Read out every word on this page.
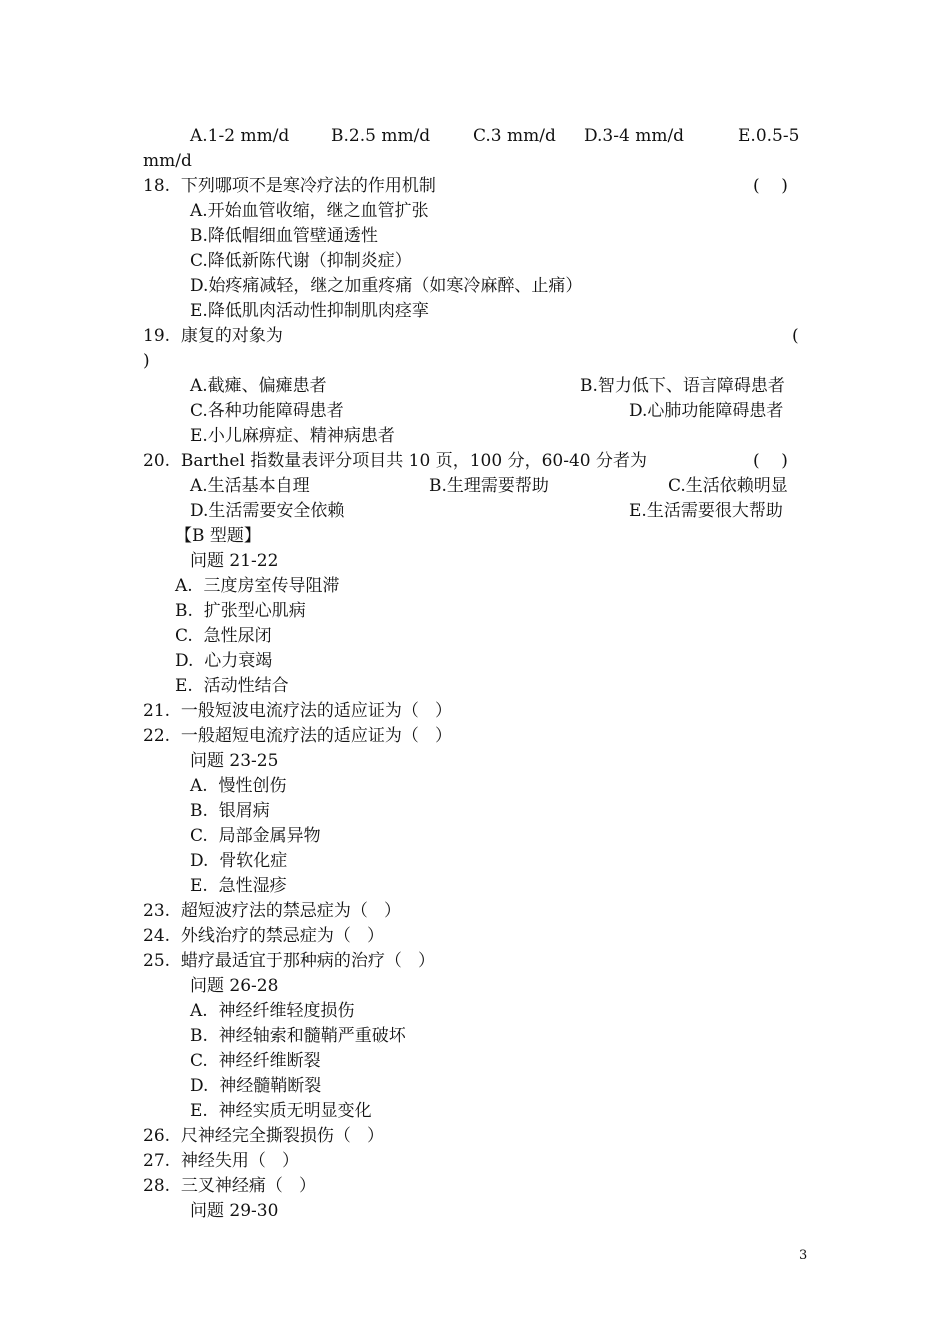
A.1-2 mm/d B.2.5 mm/d	C.3 mm/d D.3-4 mm/d	E.0.5-5
mm/d
18.  下列哪项不是寒冷疗法的作用机制	(    )
A.开始血管收缩，继之血管扩张
B.降低帽细血管壁通透性
C.降低新陈代谢（抑制炎症）
D.始疼痛减轻，继之加重疼痛（如寒冷麻醉、止痛）
E.降低肌肉活动性抑制肌肉痉挛
19.  康复的对象为	(
)
A.截瘫、偏瘫患者	B.智力低下、语言障碍患者
C.各种功能障碍患者	D.心肺功能障碍患者
E.小儿麻痹症、精神病患者
20.  Barthel 指数量表评分项目共 10 页，100 分，60-40 分者为	(    )
A.生活基本自理	B.生理需要帮助	C.生活依赖明显
D.生活需要安全依赖	E.生活需要很大帮助
【B 型题】
问题 21-22
A.  三度房室传导阻滞
B.  扩张型心肌病
C.  急性尿闭
D.  心力衰竭
E.  活动性结合
21.  一般短波电流疗法的适应证为（   ）
22.  一般超短电流疗法的适应证为（   ）
问题 23-25
A.  慢性创伤
B.  银屑病
C.  局部金属异物
D.  骨软化症
E.  急性湿疹
23.  超短波疗法的禁忌症为（   ）
24.  外线治疗的禁忌症为（   ）
25.  蜡疗最适宜于那种病的治疗（   ）
问题 26-28
A.  神经纤维轻度损伤
B.  神经轴索和髓鞘严重破坏
C.  神经纤维断裂
D.  神经髓鞘断裂
E.  神经实质无明显变化
26.  尺神经完全撕裂损伤（   ）
27.  神经失用（   ）
28.  三叉神经痛（   ）
问题 29-30
3
